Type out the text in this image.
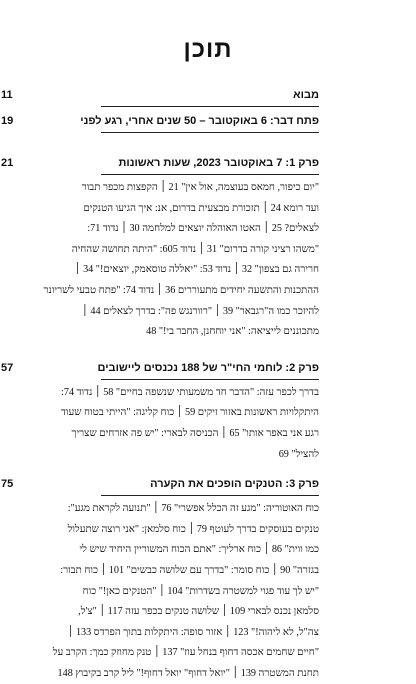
תוכן
מבוא
11
פתח דבר: 6 באוקטובר – 50 שנים אחרי, רגע לפני
19
פרק 1: 7 באוקטובר 2023, שעות ראשונות
21
"יום כיפור, חמאס בעוצמה, אול אין" 21 ׀ הקפצות מכפר תבור
ועד רומא 24 ׀ תזכורת מבצעית בדרום, אנ: איך הגיעו הטנקים
לצאלים? 25 ׀ האטו האוהלה יוצאים למלחמה 30 ׀ נדוד 71:
"משהו רציני קורה בדרום" 31 ׀ נדוד 605: "היתה תחושה שהחיה
חרירה גם בצפון" 32 ׀ נדוד 53: "יאללה טוסאמק, יוצאים!" 34 ׀
ההתכנות והתשעה יחידים מתעוררים 36 ׀ נדוד 74: "פתח טבעי לשריונר
להיזכר כמו ה"רגבאר" 39 ׀ "רוורנגש פה": בדרך לצאלים 44 ׀
מתכוננים לייציאה: "אני יוחחנן, החבר בי!" 48
פרק 2: לוחמי החי"ר של 188 נכנסים ליישובים
57
בדרך לכפר עזה: "הדבר חד משמעותי שנשפה בחיים" 58 ׀ נדוד 74:
היתקלויות ראשונות באזור זיקים 59 ׀ כוח קליגה: "הייתי בטוח שעוד
רגע אני באפר אותו" 65 ׀ הכניסה לבארי: "יש פה אזרחים שצריך
להציל" 69
פרק 3: הטנקים הופכים את הקערה
75
כוח האוטוריה: "מגע זה הכלל אפשרי" 76 ׀ "תנועה לקראת מגע":
טנקים בעוסקים בדרך לעוטף 79 ׀ כוח סלמאן: "אני רוצה שתעלול
כמו ווית" 86 ׀ כוח ארליך: "אתם הכוח המשוריין היחיד שיש לי
בגזרה" 90 ׀ כוח סומר: "בדרך עם שלושה כבשים" 101 ׀ כוח תבור:
"יש לך עוד פגוי למשטרה בשדרות" 104 ׀ "הטנקים כאן!" כוח
סלמאן נכנס לבארי 109 ׀ שלושה טנקים בכפר עזה 117 ׀ "צ'ל,
צה"ל, לא ליהוה!" 123 ׀ אזור סופה: היתקלות בתוך הפרדס 133 ׀
"חיים שחמים אכסה דחוף בנחל עוז" 137 ׀ טנק מחוזק כמך: הקרב על
תחנת המשטרה 139 ׀ "יואל דחוף" יואל דחוף!" ליל קרב בקיבוץ 148
